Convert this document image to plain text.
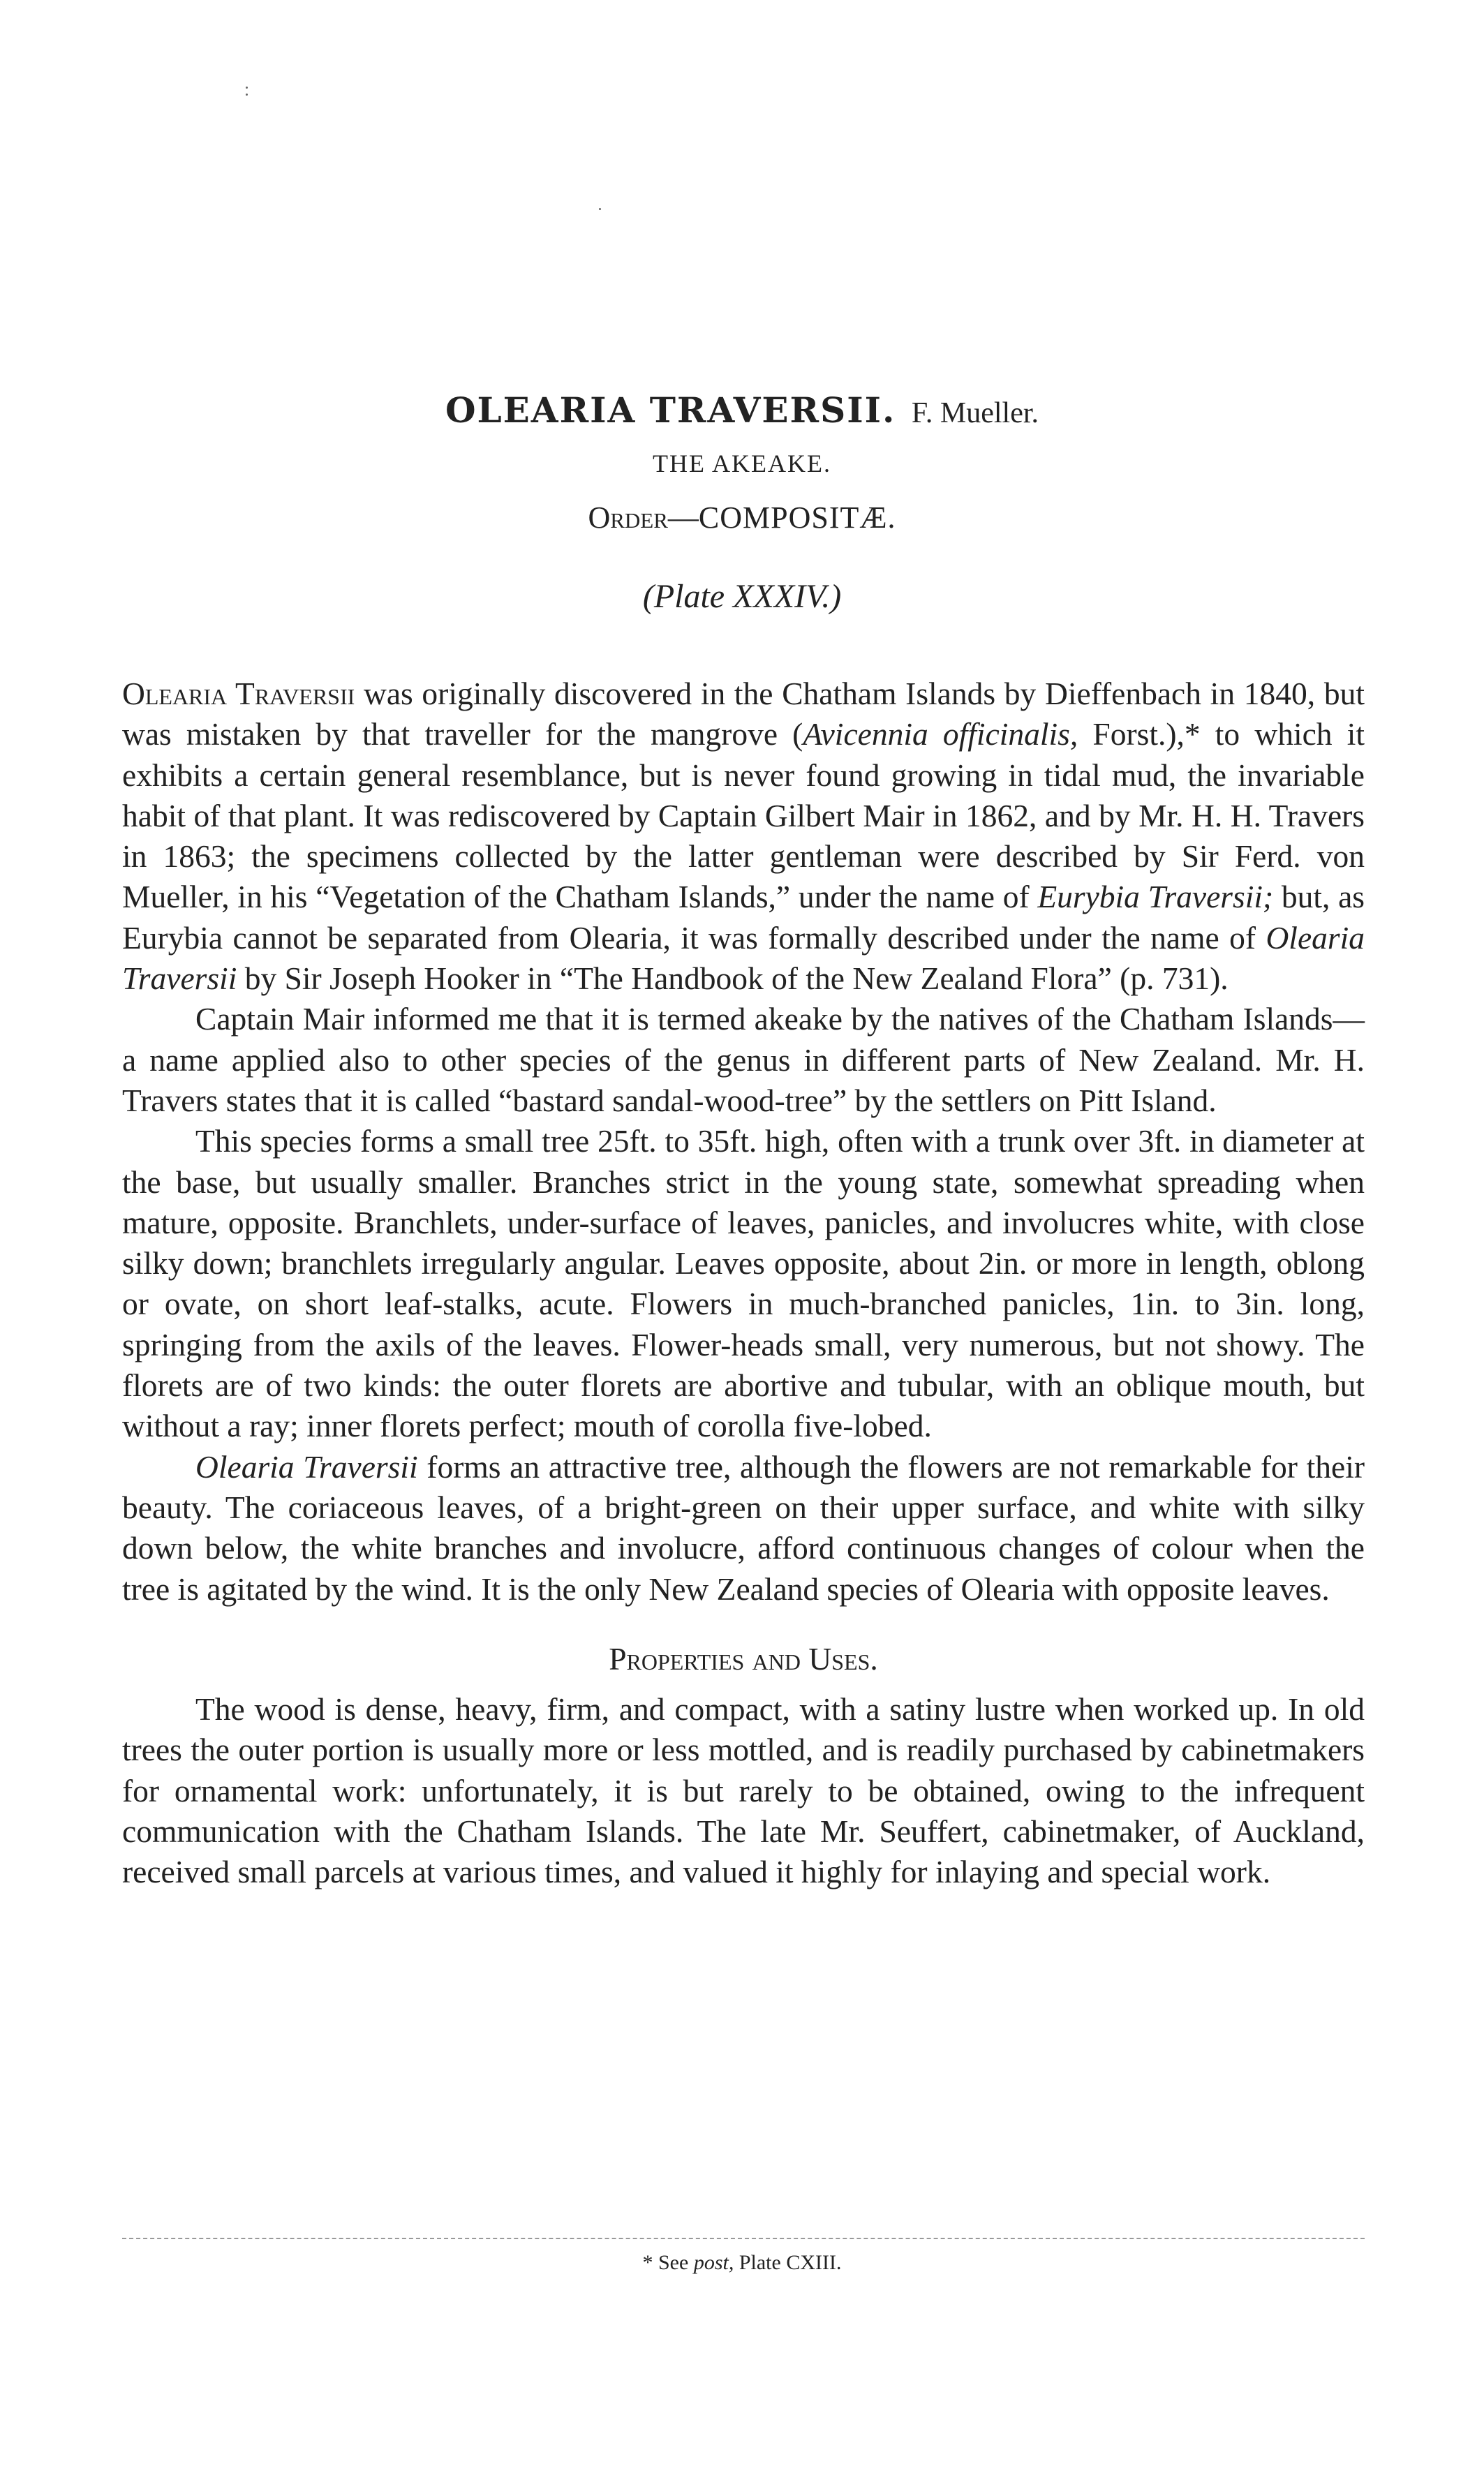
OLEARIA TRAVERSII. F. Mueller.
THE AKEAKE.
Order—COMPOSITÆ.
(Plate XXXIV.)

Olearia Traversii was originally discovered in the Chatham Islands by Dieffenbach in 1840, but was mistaken by that traveller for the mangrove (Avicennia officinalis, Forst.),* to which it exhibits a certain general resemblance, but is never found growing in tidal mud, the invariable habit of that plant. It was rediscovered by Captain Gilbert Mair in 1862, and by Mr. H. H. Travers in 1863; the specimens collected by the latter gentleman were described by Sir Ferd. von Mueller, in his “Vegetation of the Chatham Islands,” under the name of Eurybia Traversii; but, as Eurybia cannot be separated from Olearia, it was formally described under the name of Olearia Traversii by Sir Joseph Hooker in “The Handbook of the New Zealand Flora” (p. 731).

Captain Mair informed me that it is termed akeake by the natives of the Chatham Islands—a name applied also to other species of the genus in different parts of New Zealand. Mr. H. Travers states that it is called “bastard sandal-wood-tree” by the settlers on Pitt Island.

This species forms a small tree 25ft. to 35ft. high, often with a trunk over 3ft. in diameter at the base, but usually smaller. Branches strict in the young state, somewhat spreading when mature, opposite. Branchlets, under-surface of leaves, panicles, and involucres white, with close silky down; branchlets irregularly angular. Leaves opposite, about 2in. or more in length, oblong or ovate, on short leaf-stalks, acute. Flowers in much-branched panicles, 1in. to 3in. long, springing from the axils of the leaves. Flower-heads small, very numerous, but not showy. The florets are of two kinds: the outer florets are abortive and tubular, with an oblique mouth, but without a ray; inner florets perfect; mouth of corolla five-lobed.

Olearia Traversii forms an attractive tree, although the flowers are not remarkable for their beauty. The coriaceous leaves, of a bright-green on their upper surface, and white with silky down below, the white branches and involucre, afford continuous changes of colour when the tree is agitated by the wind. It is the only New Zealand species of Olearia with opposite leaves.

Properties and Uses.

The wood is dense, heavy, firm, and compact, with a satiny lustre when worked up. In old trees the outer portion is usually more or less mottled, and is readily purchased by cabinetmakers for ornamental work: unfortunately, it is but rarely to be obtained, owing to the infrequent communication with the Chatham Islands. The late Mr. Seuffert, cabinetmaker, of Auckland, received small parcels at various times, and valued it highly for inlaying and special work.

* See post, Plate CXIII.
